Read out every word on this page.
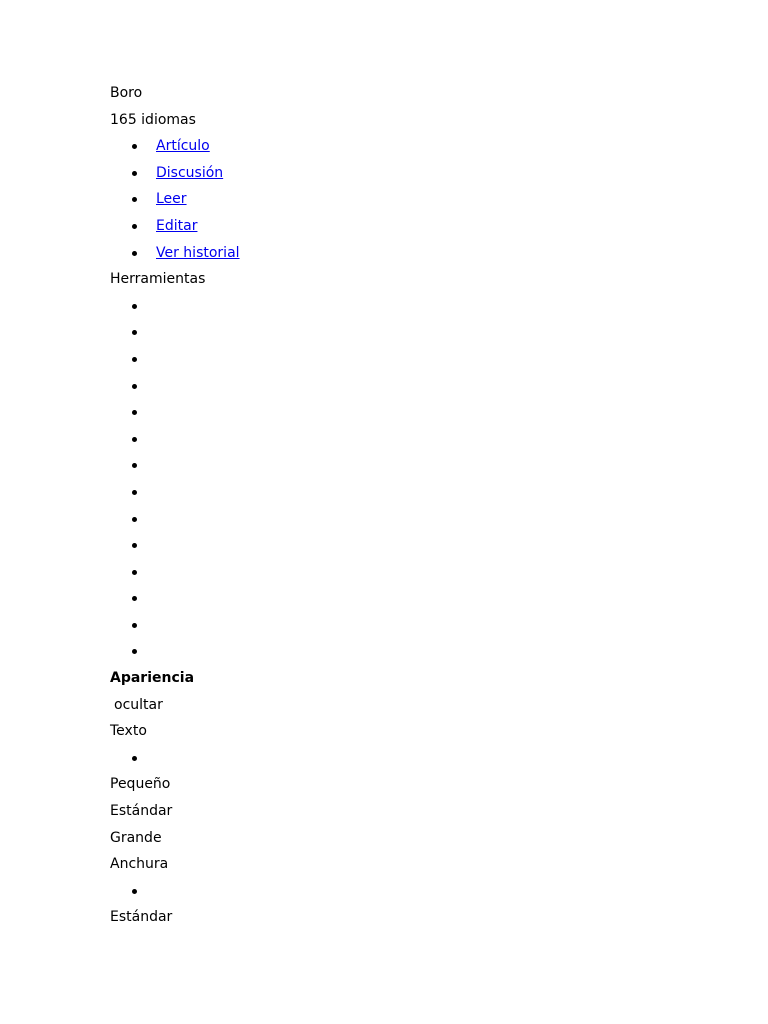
Boro
165 idiomas
Artículo
Discusión
Leer
Editar
Ver historial
Herramientas
Apariencia
ocultar
Texto
Pequeño
Estándar
Grande
Anchura
Estándar
